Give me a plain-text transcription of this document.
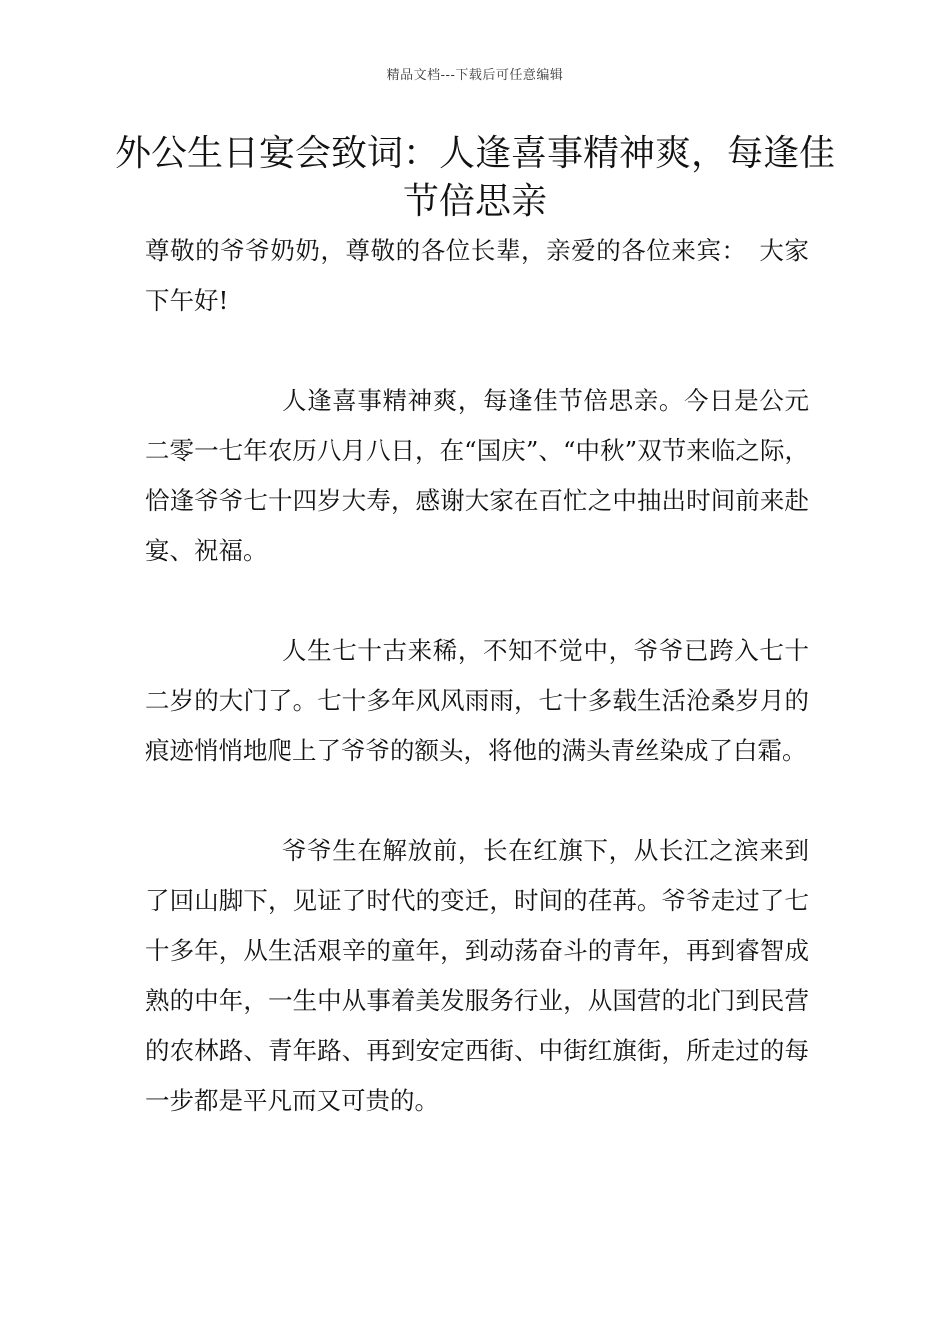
精品文档---下载后可任意编辑
外公生日宴会致词：人逢喜事精神爽，每逢佳节倍思亲

尊敬的爷爷奶奶，尊敬的各位长辈，亲爱的各位来宾：　大家下午好!

人逢喜事精神爽，每逢佳节倍思亲。今日是公元二零一七年农历八月八日，在“国庆”、“中秋”双节来临之际，恰逢爷爷七十四岁大寿，感谢大家在百忙之中抽出时间前来赴宴、祝福。

人生七十古来稀，不知不觉中，爷爷已跨入七十二岁的大门了。七十多年风风雨雨，七十多载生活沧桑岁月的痕迹悄悄地爬上了爷爷的额头，将他的满头青丝染成了白霜。

爷爷生在解放前，长在红旗下，从长江之滨来到了回山脚下，见证了时代的变迁，时间的荏苒。爷爷走过了七十多年，从生活艰辛的童年，到动荡奋斗的青年，再到睿智成熟的中年，一生中从事着美发服务行业，从国营的北门到民营的农林路、青年路、再到安定西街、中街红旗街，所走过的每一步都是平凡而又可贵的。
